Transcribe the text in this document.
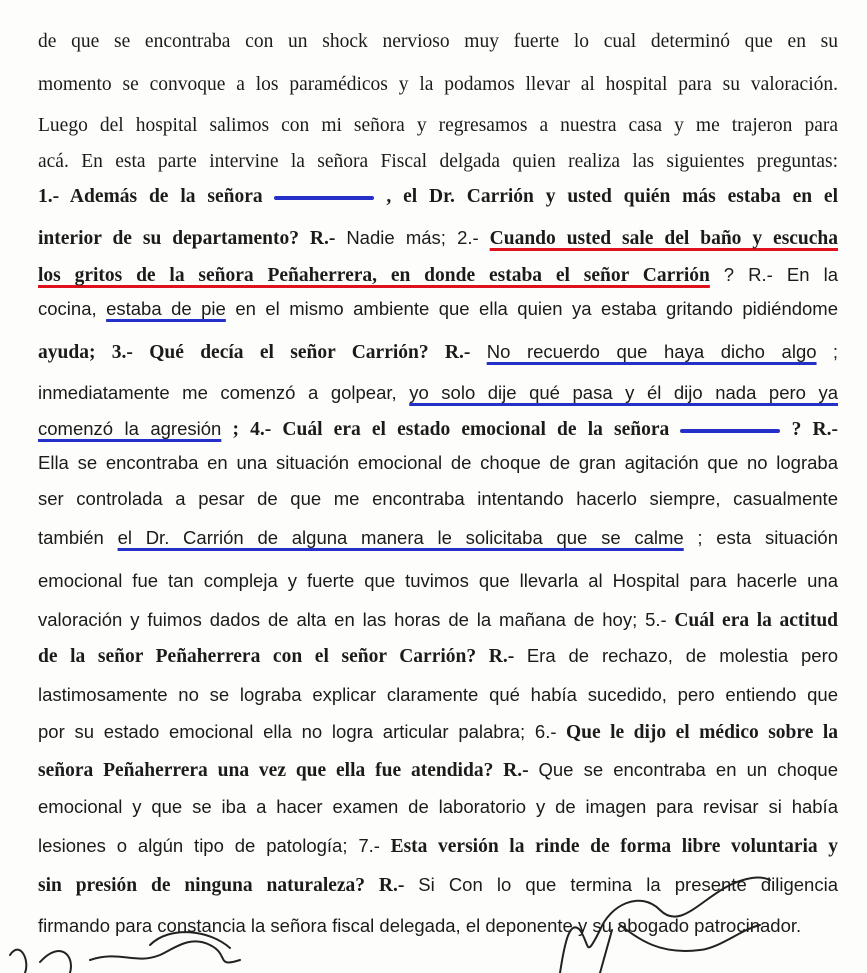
de que se encontraba con un shock nervioso muy fuerte lo cual determinó que en su
momento se convoque a los paramédicos y la podamos llevar al hospital para su valoración.
Luego del hospital salimos con mi señora y regresamos a nuestra casa y me trajeron para
acá. En esta parte intervine la señora Fiscal delgada quien realiza las siguientes preguntas:
1.- Además de la señora	, el Dr. Carrión y usted quién más estaba en el
interior de su departamento? R.- Nadie más; 2.- Cuando usted sale del baño y escucha
los gritos de la señora Peñaherrera, en donde estaba el señor Carrión ? R.- En la
cocina, estaba de pie en el mismo ambiente que ella quien ya estaba gritando pidiéndome
ayuda; 3.- Qué decía el señor Carrión? R.- No recuerdo que haya dicho algo ;
inmediatamente me comenzó a golpear, yo solo dije qué pasa y él dijo nada pero ya
comenzó la agresión ; 4.- Cuál era el estado emocional de la señora	? R.-
Ella se encontraba en una situación emocional de choque de gran agitación que no lograba
ser controlada a pesar de que me encontraba intentando hacerlo siempre, casualmente
también el Dr. Carrión de alguna manera le solicitaba que se calme ; esta situación
emocional fue tan compleja y fuerte que tuvimos que llevarla al Hospital para hacerle una
valoración y fuimos dados de alta en las horas de la mañana de hoy; 5.- Cuál era la actitud
de la señor Peñaherrera con el señor Carrión? R.- Era de rechazo, de molestia pero
lastimosamente no se lograba explicar claramente qué había sucedido, pero entiendo que
por su estado emocional ella no logra articular palabra; 6.- Que le dijo el médico sobre la
señora Peñaherrera una vez que ella fue atendida? R.- Que se encontraba en un choque
emocional y que se iba a hacer examen de laboratorio y de imagen para revisar si había
lesiones o algún tipo de patología; 7.- Esta versión la rinde de forma libre voluntaria y
sin presión de ninguna naturaleza? R.- Si Con lo que termina la presente diligencia
firmando para constancia la señora fiscal delegada, el deponente y su abogado patrocinador.
